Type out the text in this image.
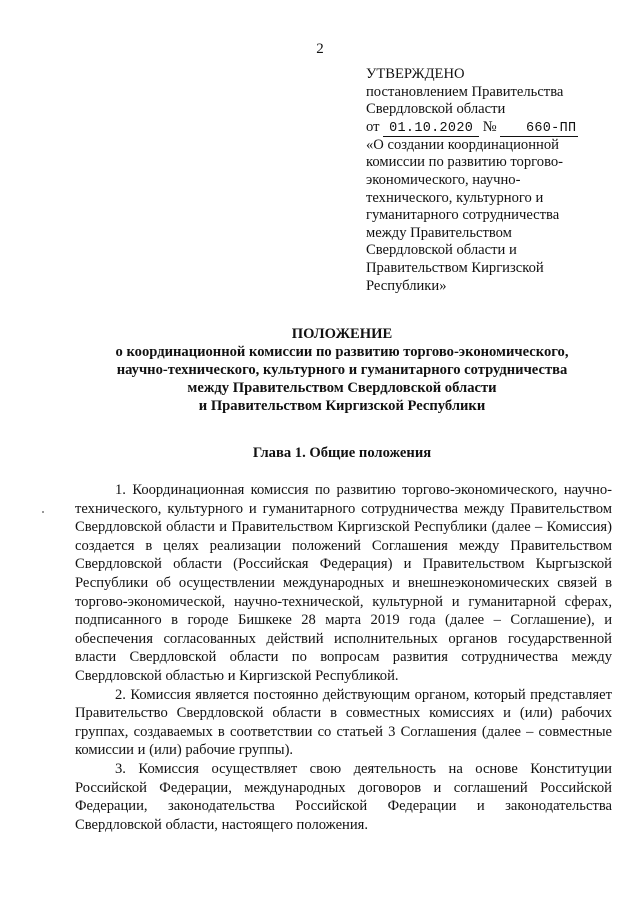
2
УТВЕРЖДЕНО
постановлением Правительства
Свердловской области
от 01.10.2020 № 660-ПП
«О создании координационной
комиссии по развитию торгово-
экономического, научно-
технического, культурного и
гуманитарного сотрудничества
между Правительством
Свердловской области и
Правительством Киргизской
Республики»
ПОЛОЖЕНИЕ
о координационной комиссии по развитию торгово-экономического,
научно-технического, культурного и гуманитарного сотрудничества
между Правительством Свердловской области
и Правительством Киргизской Республики
Глава 1. Общие положения

1. Координационная комиссия по развитию торгово-экономического, научно-технического, культурного и гуманитарного сотрудничества между Правительством Свердловской области и Правительством Киргизской Республики (далее – Комиссия) создается в целях реализации положений Соглашения между Правительством Свердловской области (Российская Федерация) и Правительством Кыргызской Республики об осуществлении международных и внешнеэкономических связей в торгово-экономической, научно-технической, культурной и гуманитарной сферах, подписанного в городе Бишкеке 28 марта 2019 года (далее – Соглашение), и обеспечения согласованных действий исполнительных органов государственной власти Свердловской области по вопросам развития сотрудничества между Свердловской областью и Киргизской Республикой.

2. Комиссия является постоянно действующим органом, который представляет Правительство Свердловской области в совместных комиссиях и (или) рабочих группах, создаваемых в соответствии со статьей 3 Соглашения (далее – совместные комиссии и (или) рабочие группы).

3. Комиссия осуществляет свою деятельность на основе Конституции Российской Федерации, международных договоров и соглашений Российской Федерации, законодательства Российской Федерации и законодательства Свердловской области, настоящего положения.
